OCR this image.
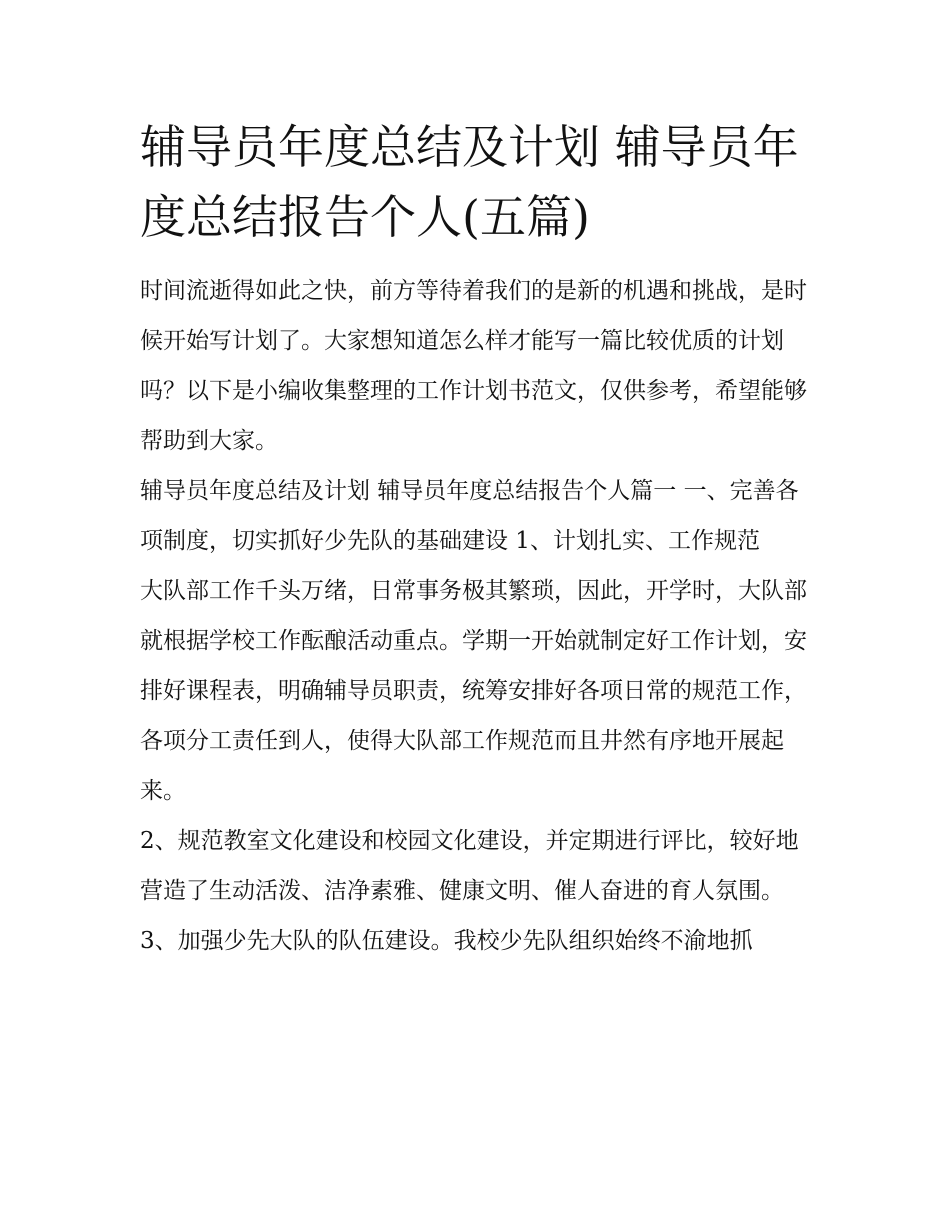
辅导员年度总结及计划 辅导员年度总结报告个人(五篇)

时间流逝得如此之快，前方等待着我们的是新的机遇和挑战，是时候开始写计划了。大家想知道怎么样才能写一篇比较优质的计划吗？以下是小编收集整理的工作计划书范文，仅供参考，希望能够帮助到大家。

辅导员年度总结及计划 辅导员年度总结报告个人篇一 一、完善各项制度，切实抓好少先队的基础建设 1、计划扎实、工作规范

大队部工作千头万绪，日常事务极其繁琐，因此，开学时，大队部就根据学校工作酝酿活动重点。学期一开始就制定好工作计划，安排好课程表，明确辅导员职责，统筹安排好各项日常的规范工作，各项分工责任到人，使得大队部工作规范而且井然有序地开展起来。

2、规范教室文化建设和校园文化建设，并定期进行评比，较好地营造了生动活泼、洁净素雅、健康文明、催人奋进的育人氛围。

3、加强少先大队的队伍建设。我校少先队组织始终不渝地抓
